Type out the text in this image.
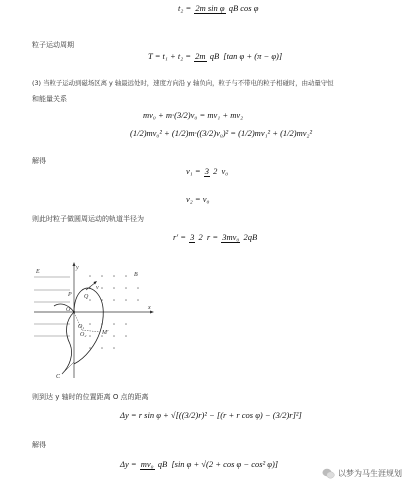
t₂ = 2m sin φ qB cos φ
粒子运动周期
T = t₁ + t₂ = 2m qB [tan φ + (π − φ)]
(3) 当粒子运动到磁场区离 y 轴最远处时，速度方向沿 y 轴负向，粒子与不带电的粒子相碰时，由动量守恒
和能量关系
mv₀ + m·(3/2)v₀ = mv₁ + mv₂
(1/2)mv₀² + (1/2)m·((3/2)v₀)² = (1/2)mv₁² + (1/2)mv₂²
解得
v₁ = 3 2 v₀
v₂ = v₀
则此时粒子做圆周运动的轨道半径为
r′ = 3 2 r = 3mv₀ 2qB
y
x
E	B
v
O
P Q
M′
O₁
O₂
C
则到达 y 轴时的位置距离 O 点的距离
Δy = r sin φ + √[((3/2)r)² − [(r + r cos φ) − (3/2)r]²]
解得
Δy = mv₀ qB [sin φ + √(2 + cos φ − cos² φ)]
以梦为马生涯规划
